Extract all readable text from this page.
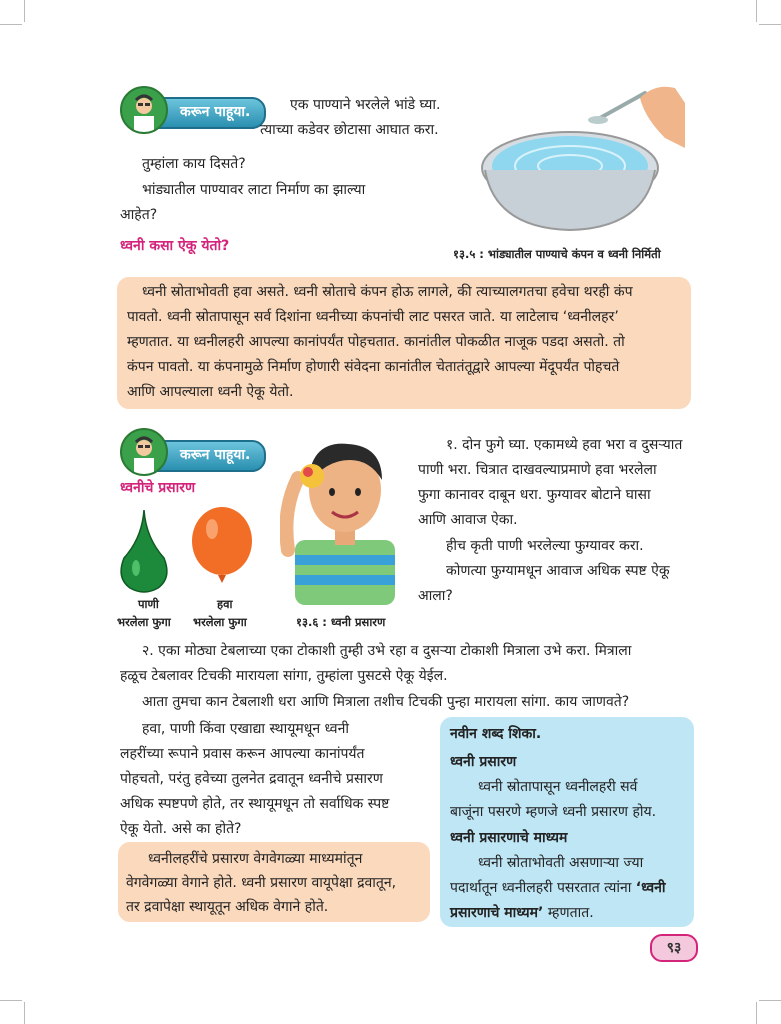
करून पाहूया.	एक पाण्याने भरलेले भांडे घ्या.
त्याच्या कडेवर छोटासा आघात करा.
तुम्हांला काय दिसते?
भांड्यातील पाण्यावर लाटा निर्माण का झाल्या
आहेत?
१३.५ : भांड्यातील पाण्याचे कंपन व ध्वनी निर्मिती
ध्वनी कसा ऐकू येतो?
ध्वनी स्रोताभोवती हवा असते. ध्वनी स्रोताचे कंपन होऊ लागले, की त्याच्यालगतचा हवेचा थरही कंप
पावतो. ध्वनी स्रोतापासून सर्व दिशांना ध्वनीच्या कंपनांची लाट पसरत जाते. या लाटेलाच ‘ध्वनीलहर’
म्हणतात. या ध्वनीलहरी आपल्या कानांपर्यंत पोहचतात. कानांतील पोकळीत नाजूक पडदा असतो. तो
कंपन पावतो. या कंपनामुळे निर्माण होणारी संवेदना कानांतील चेतातंतूद्वारे आपल्या मेंदूपर्यंत पोहचते
आणि आपल्याला ध्वनी ऐकू येतो.
करून पाहूया.
ध्वनीचे प्रसारण
पाणी
भरलेला फुगा
हवा
भरलेला फुगा	१३.६ : ध्वनी प्रसारण
१. दोन फुगे घ्या. एकामध्ये हवा भरा व दुसऱ्यात
पाणी भरा. चित्रात दाखवल्याप्रमाणे हवा भरलेला
फुगा कानावर दाबून धरा. फुग्यावर बोटाने घासा
आणि आवाज ऐका.
हीच कृती पाणी भरलेल्या फुग्यावर करा.
कोणत्या फुग्यामधून आवाज अधिक स्पष्ट ऐकू
आला?
२. एका मोठ्या टेबलाच्या एका टोकाशी तुम्ही उभे रहा व दुसऱ्या टोकाशी मित्राला उभे करा. मित्राला
हळूच टेबलावर टिचकी मारायला सांगा, तुम्हांला पुसटसे ऐकू येईल.
आता तुमचा कान टेबलाशी धरा आणि मित्राला तशीच टिचकी पुन्हा मारायला सांगा. काय जाणवते?
हवा, पाणी किंवा एखाद्या स्थायूमधून ध्वनी
लहरींच्या रूपाने प्रवास करून आपल्या कानांपर्यंत
पोहचतो, परंतु हवेच्या तुलनेत द्रवातून ध्वनीचे प्रसारण
अधिक स्पष्टपणे होते, तर स्थायूमधून तो सर्वाधिक स्पष्ट
ऐकू येतो. असे का होते?
ध्वनीलहरींचे प्रसारण वेगवेगळ्या माध्यमांतून
वेगवेगळ्या वेगाने होते. ध्वनी प्रसारण वायूपेक्षा द्रवातून,
तर द्रवापेक्षा स्थायूतून अधिक वेगाने होते.
नवीन शब्द शिका.
ध्वनी प्रसारण
ध्वनी स्रोतापासून ध्वनीलहरी सर्व
बाजूंना पसरणे म्हणजे ध्वनी प्रसारण होय.
ध्वनी प्रसारणाचे माध्यम
ध्वनी स्रोताभोवती असणाऱ्या ज्या
पदार्थातून ध्वनीलहरी पसरतात त्यांना ‘ध्वनी
प्रसारणाचे माध्यम’ म्हणतात.
९३
